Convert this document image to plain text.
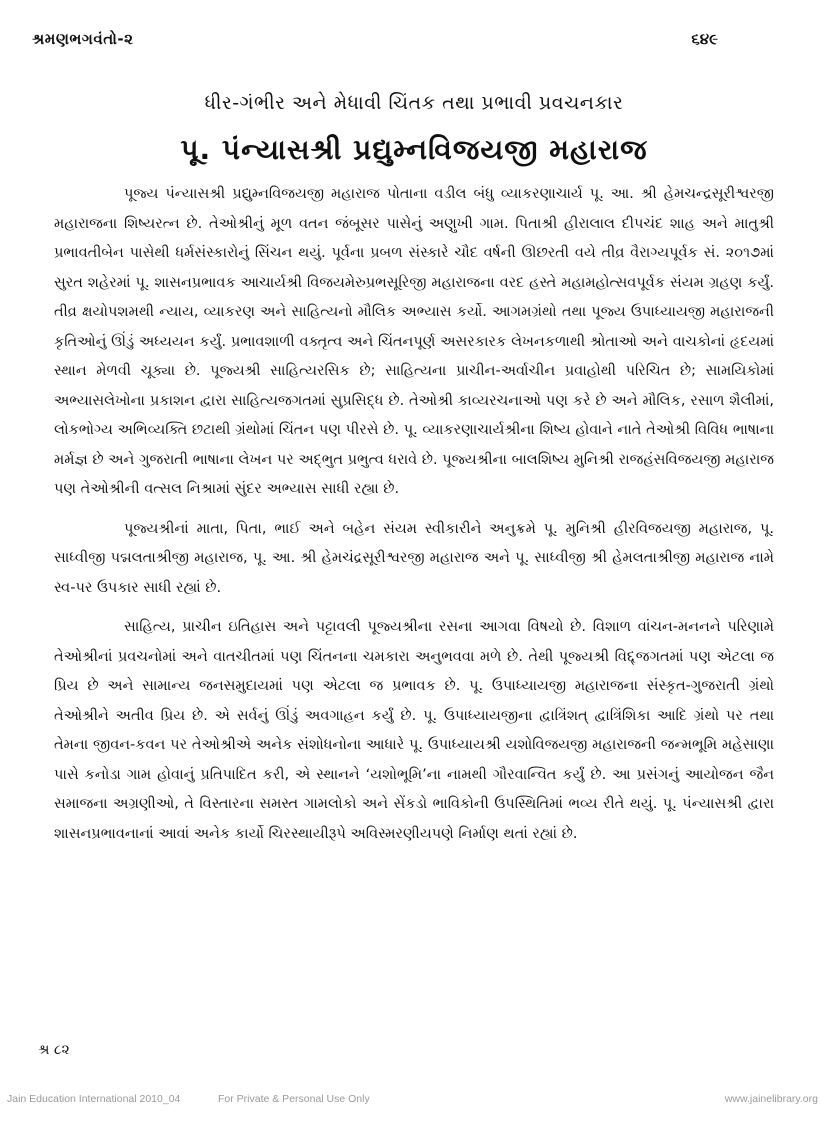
શ્રમણભગવંતો-૨	૬૪૯
ધીર-ગંભીર અને મેધાવી ચિંતક તથા પ્રભાવી પ્રવચનકાર
પૂ. પંન્યાસશ્રી પ્રદ્યુમ્નવિજયજી મહારાજ

પૂજ્ય પંન્યાસશ્રી પ્રદ્યુમ્નવિજયજી મહારાજ પોતાના વડીલ બંધુ વ્યાકરણાચાર્ય પૂ. આ. શ્રી હેમચન્દ્રસૂરીશ્વરજી મહારાજના શિષ્યરત્ન છે. તેઓશ્રીનું મૂળ વતન જંબૂસર પાસેનું અણુખી ગામ. પિતાશ્રી હીરાલાલ દીપચંદ શાહ અને માતુશ્રી પ્રભાવતીબેન પાસેથી ધર્મસંસ્કારોનું સિંચન થયું. પૂર્વના પ્રબળ સંસ્કારે ચૌદ વર્ષની ઊછરતી વયે તીવ્ર વૈરાગ્યપૂર્વક સં. ૨૦૧૭માં સુરત શહેરમાં પૂ. શાસનપ્રભાવક આચાર્યશ્રી વિજયમેરુપ્રભસૂરિજી મહારાજના વરદ હસ્તે મહામહોત્સવપૂર્વક સંયમ ગ્રહણ કર્યું. તીવ્ર ક્ષયોપશમથી ન્યાય, વ્યાકરણ અને સાહિત્યનો મૌલિક અભ્યાસ કર્યો. આગમગ્રંથો તથા પૂજ્ય ઉપાધ્યાયજી મહારાજની કૃતિઓનું ઊંડું અધ્યયન કર્યું. પ્રભાવશાળી વક્તૃત્વ અને ચિંતનપૂર્ણ અસરકારક લેખનકળાથી શ્રોતાઓ અને વાચકોનાં હૃદયમાં સ્થાન મેળવી ચૂક્યા છે. પૂજ્યશ્રી સાહિત્યરસિક છે; સાહિત્યના પ્રાચીન-અર્વાચીન પ્રવાહોથી પરિચિત છે; સામયિકોમાં અભ્યાસલેખોના પ્રકાશન દ્વારા સાહિત્યજગતમાં સુપ્રસિદ્ધ છે. તેઓશ્રી કાવ્યરચનાઓ પણ કરે છે અને મૌલિક, રસાળ શૈલીમાં, લોકભોગ્ય અભિવ્યક્તિ છટાથી ગ્રંથોમાં ચિંતન પણ પીરસે છે. પૂ. વ્યાકરણાચાર્યશ્રીના શિષ્ય હોવાને નાતે તેઓશ્રી વિવિધ ભાષાના મર્મજ્ઞ છે અને ગુજરાતી ભાષાના લેખન પર અદ્ભુત પ્રભુત્વ ધરાવે છે. પૂજ્યશ્રીના બાલશિષ્ય મુનિશ્રી રાજહંસવિજયજી મહારાજ પણ તેઓશ્રીની વત્સલ નિશ્રામાં સુંદર અભ્યાસ સાધી રહ્યા છે.

પૂજ્યશ્રીનાં માતા, પિતા, ભાઈ અને બહેન સંયમ સ્વીકારીને અનુક્રમે પૂ. મુનિશ્રી હીરવિજયજી મહારાજ, પૂ. સાધ્વીજી પદ્મલતાશ્રીજી મહારાજ, પૂ. આ. શ્રી હેમચંદ્રસૂરીશ્વરજી મહારાજ અને પૂ. સાધ્વીજી શ્રી હેમલતાશ્રીજી મહારાજ નામે સ્વ-પર ઉપકાર સાધી રહ્યાં છે.

સાહિત્ય, પ્રાચીન ઇતિહાસ અને પટ્ટાવલી પૂજ્યશ્રીના રસના આગવા વિષયો છે. વિશાળ વાંચન-મનનને પરિણામે તેઓશ્રીનાં પ્રવચનોમાં અને વાતચીતમાં પણ ચિંતનના ચમકારા અનુભવવા મળે છે. તેથી પૂજ્યશ્રી વિદ્દ્જગતમાં પણ એટલા જ પ્રિય છે અને સામાન્ય જનસમુદાયમાં પણ એટલા જ પ્રભાવક છે. પૂ. ઉપાધ્યાયજી મહારાજના સંસ્કૃત-ગુજરાતી ગ્રંથો તેઓશ્રીને અતીવ પ્રિય છે. એ સર્વનું ઊંડું અવગાહન કર્યું છે. પૂ. ઉપાધ્યાયજીના દ્વાત્રિંશત્ દ્વાત્રિંશિકા આદિ ગ્રંથો પર તથા તેમના જીવન-કવન પર તેઓશ્રીએ અનેક સંશોધનોના આધારે પૂ. ઉપાધ્યાયશ્રી યશોવિજયજી મહારાજની જન્મભૂમિ મહેસાણા પાસે કનોડા ગામ હોવાનું પ્રતિપાદિત કરી, એ સ્થાનને ‘યશોભૂમિ’ના નામથી ગૌરવાન્વિત કર્યું છે. આ પ્રસંગનું આયોજન જૈન સમાજના અગ્રણીઓ, તે વિસ્તારના સમસ્ત ગામલોકો અને સેંકડો ભાવિકોની ઉપસ્થિતિમાં ભવ્ય રીતે થયું. પૂ. પંન્યાસશ્રી દ્વારા શાસનપ્રભાવનાનાં આવાં અનેક કાર્યો ચિરસ્થાયીરૂપે અવિસ્મરણીયપણે નિર્માણ થતાં રહ્યાં છે.

શ્ર ૮૨
Jain Education International 2010_04	For Private & Personal Use Only	www.jainelibrary.org
